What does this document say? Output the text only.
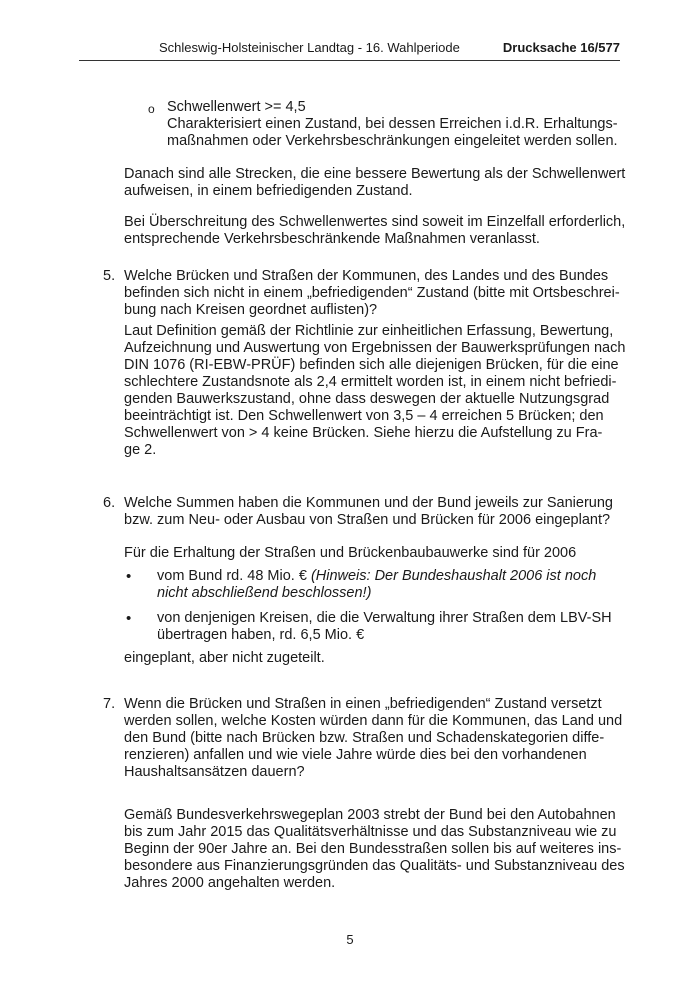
Schleswig-Holsteinischer Landtag - 16. Wahlperiode	Drucksache 16/577
o Schwellenwert >= 4,5
Charakterisiert einen Zustand, bei dessen Erreichen i.d.R. Erhaltungs-
maßnahmen oder Verkehrsbeschränkungen eingeleitet werden sollen.
Danach sind alle Strecken, die eine bessere Bewertung als der Schwellenwert
aufweisen, in einem befriedigenden Zustand.
Bei Überschreitung des Schwellenwertes sind soweit im Einzelfall erforderlich,
entsprechende Verkehrsbeschränkende Maßnahmen veranlasst.
5. Welche Brücken und Straßen der Kommunen, des Landes und des Bundes
befinden sich nicht in einem „befriedigenden“ Zustand (bitte mit Ortsbeschrei-
bung nach Kreisen geordnet auflisten)?
Laut Definition gemäß der Richtlinie zur einheitlichen Erfassung, Bewertung,
Aufzeichnung und Auswertung von Ergebnissen der Bauwerksprüfungen nach
DIN 1076 (RI-EBW-PRÜF) befinden sich alle diejenigen Brücken, für die eine
schlechtere Zustandsnote als 2,4 ermittelt worden ist, in einem nicht befriedi-
genden Bauwerkszustand, ohne dass deswegen der aktuelle Nutzungsgrad
beeinträchtigt ist. Den Schwellenwert von 3,5 – 4 erreichen 5 Brücken; den
Schwellenwert von > 4 keine Brücken. Siehe hierzu die Aufstellung zu Fra-
ge 2.
6. Welche Summen haben die Kommunen und der Bund jeweils zur Sanierung
bzw. zum Neu- oder Ausbau von Straßen und Brücken für 2006 eingeplant?
Für die Erhaltung der Straßen und Brückenbaubauwerke sind für 2006
• vom Bund rd. 48 Mio. € (Hinweis: Der Bundeshaushalt 2006 ist noch
nicht abschließend beschlossen!)
• von denjenigen Kreisen, die die Verwaltung ihrer Straßen dem LBV-SH
übertragen haben, rd. 6,5 Mio. €
eingeplant, aber nicht zugeteilt.
7. Wenn die Brücken und Straßen in einen „befriedigenden“ Zustand versetzt
werden sollen, welche Kosten würden dann für die Kommunen, das Land und
den Bund (bitte nach Brücken bzw. Straßen und Schadenskategorien diffe-
renzieren) anfallen und wie viele Jahre würde dies bei den vorhandenen
Haushaltsansätzen dauern?
Gemäß Bundesverkehrswegeplan 2003 strebt der Bund bei den Autobahnen
bis zum Jahr 2015 das Qualitätsverhältnisse und das Substanzniveau wie zu
Beginn der 90er Jahre an. Bei den Bundesstraßen sollen bis auf weiteres ins-
besondere aus Finanzierungsgründen das Qualitäts- und Substanzniveau des
Jahres 2000 angehalten werden.
5
